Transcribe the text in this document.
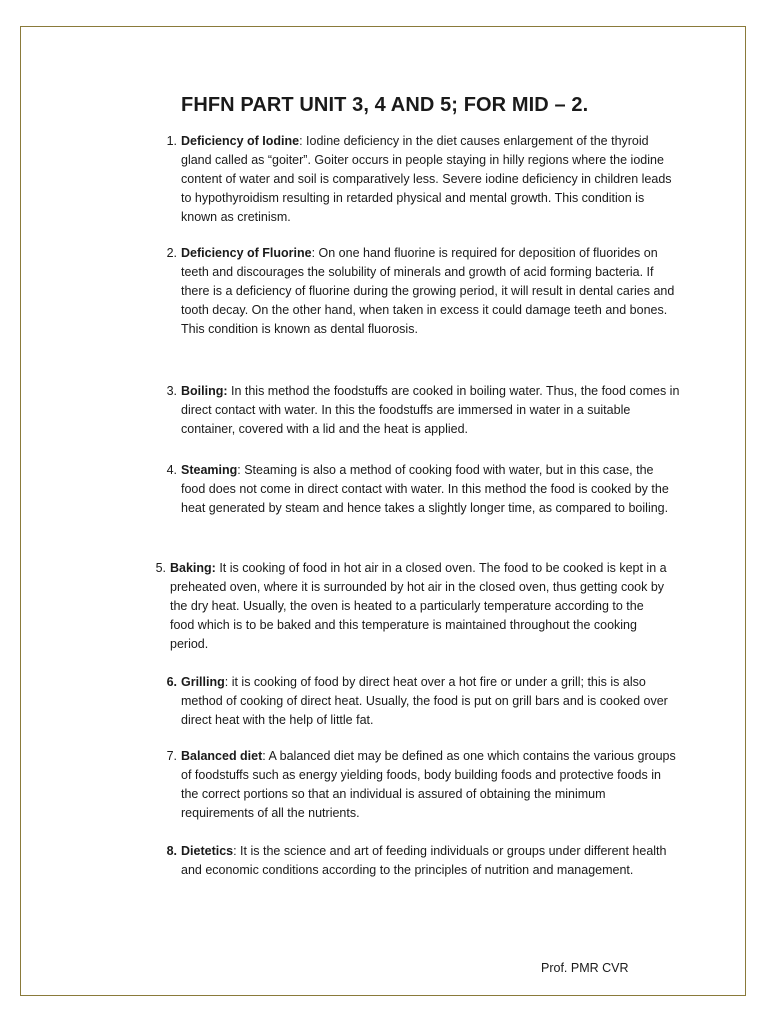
FHFN PART UNIT 3, 4 AND 5; FOR MID – 2.
1. Deficiency of Iodine: Iodine deficiency in the diet causes enlargement of the thyroid gland called as “goiter”. Goiter occurs in people staying in hilly regions where the iodine content of water and soil is comparatively less. Severe iodine deficiency in children leads to hypothyroidism resulting in retarded physical and mental growth. This condition is known as cretinism.
2. Deficiency of Fluorine: On one hand fluorine is required for deposition of fluorides on teeth and discourages the solubility of minerals and growth of acid forming bacteria. If there is a deficiency of fluorine during the growing period, it will result in dental caries and tooth decay. On the other hand, when taken in excess it could damage teeth and bones. This condition is known as dental fluorosis.
3. Boiling: In this method the foodstuffs are cooked in boiling water. Thus, the food comes in direct contact with water. In this the foodstuffs are immersed in water in a suitable container, covered with a lid and the heat is applied.
4. Steaming: Steaming is also a method of cooking food with water, but in this case, the food does not come in direct contact with water. In this method the food is cooked by the heat generated by steam and hence takes a slightly longer time, as compared to boiling.
5. Baking: It is cooking of food in hot air in a closed oven. The food to be cooked is kept in a preheated oven, where it is surrounded by hot air in the closed oven, thus getting cook by the dry heat. Usually, the oven is heated to a particularly temperature according to the food which is to be baked and this temperature is maintained throughout the cooking period.
6. Grilling: it is cooking of food by direct heat over a hot fire or under a grill; this is also method of cooking of direct heat. Usually, the food is put on grill bars and is cooked over direct heat with the help of little fat.
7. Balanced diet: A balanced diet may be defined as one which contains the various groups of foodstuffs such as energy yielding foods, body building foods and protective foods in the correct portions so that an individual is assured of obtaining the minimum requirements of all the nutrients.
8. Dietetics: It is the science and art of feeding individuals or groups under different health and economic conditions according to the principles of nutrition and management.
Prof. PMR CVR
